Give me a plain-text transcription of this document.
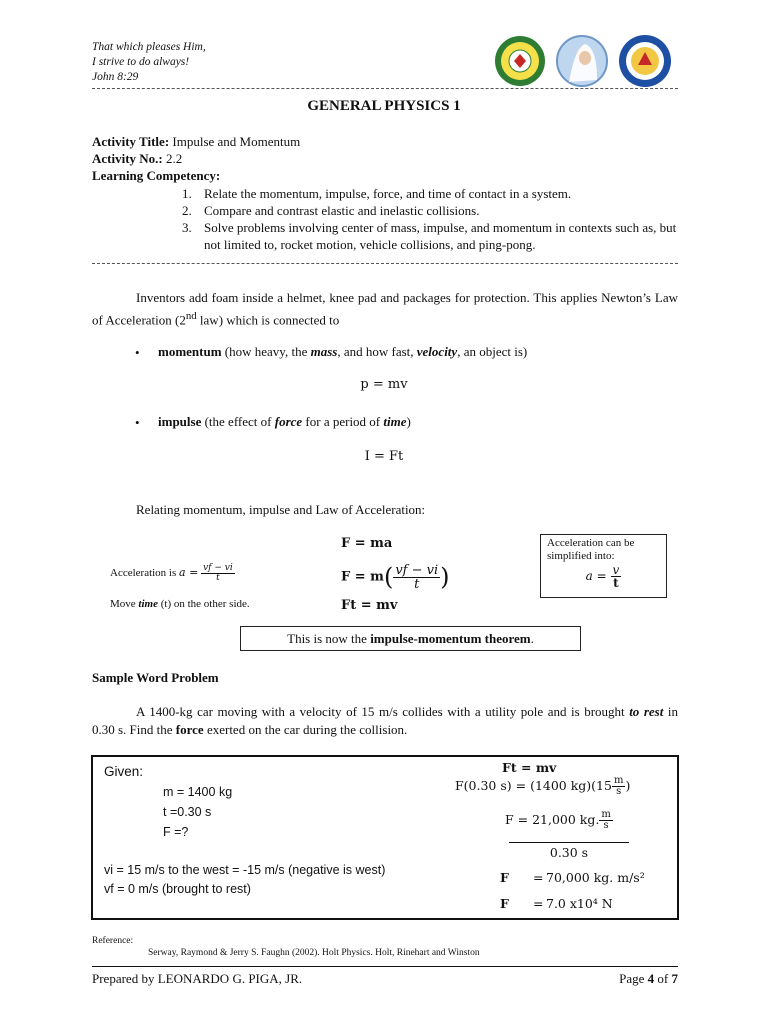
That which pleases Him,
I strive to do always!
John 8:29
GENERAL PHYSICS 1
Activity Title: Impulse and Momentum
Activity No.: 2.2
Learning Competency:
1. Relate the momentum, impulse, force, and time of contact in a system.
2. Compare and contrast elastic and inelastic collisions.
3. Solve problems involving center of mass, impulse, and momentum in contexts such as, but not limited to, rocket motion, vehicle collisions, and ping-pong.
Inventors add foam inside a helmet, knee pad and packages for protection. This applies Newton’s Law of Acceleration (2nd law) which is connected to
• momentum (how heavy, the mass, and how fast, velocity, an object is)
p = mv
• impulse (the effect of force for a period of time)
I = Ft
Relating momentum, impulse and Law of Acceleration:
F = ma
Acceleration is $a = \frac{vf - vi}{t}$	$F = m( \frac{vf - vi}{t}$ )
Move time (t) on the other side.	Ft = mv
Acceleration can be
simplified into:
$a = \frac{v}{t}$
This is now the impulse-momentum theorem.
Sample Word Problem
A 1400-kg car moving with a velocity of 15 m/s collides with a utility pole and is brought to rest in 0.30 s. Find the force exerted on the car during the collision.
Given:
m = 1400 kg
t =0.30 s
F =?
vi = 15 m/s to the west = -15 m/s (negative is west)
vf = 0 m/s (brought to rest)
Ft = mv
F(0.30 s) = (1400 $kg)(15 \frac{m}{s}$ )
F = 21,000 kg. $\frac{m}{s}$
0.30 s
F = 70,000 kg. m/s²
F = 7.0 x10⁴ N
Reference:
Serway, Raymond & Jerry S. Faughn (2002). Holt Physics. Holt, Rinehart and Winston
Prepared by LEONARDO G. PIGA, JR.	Page 4 of 7
